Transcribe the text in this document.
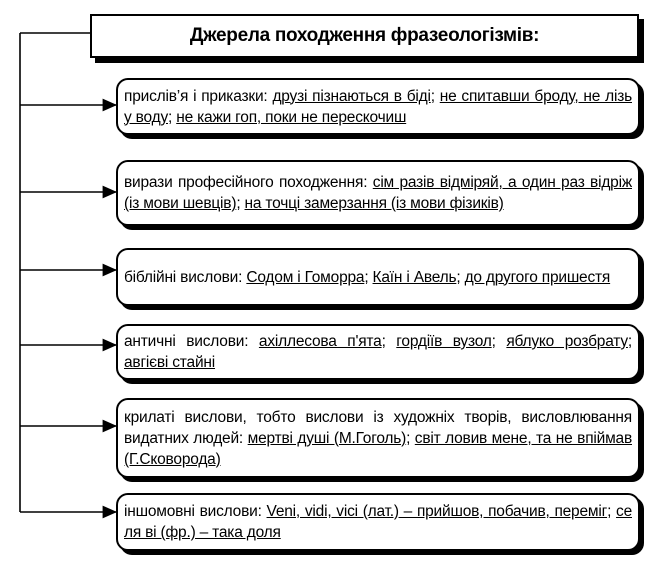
Джерела походження фразеологізмів:
прислів’я і приказки: друзі пізнаються в біді; не спитавши броду, не лізь у воду; не кажи гоп, поки не перескочиш
вирази професійного походження: сім разів відміряй, а один раз відріж (із мови шевців); на точці замерзання (із мови фізиків)
біблійні вислови: Содом і Гоморра; Каїн і Авель; до другого пришестя
античні вислови: ахіллесова п'ята; гордіїв вузол; яблуко розбрату; авгієві стайні
крилаті вислови, тобто вислови із художніх творів, висловлювання видатних людей: мертві душі (М.Гоголь); світ ловив мене, та не впіймав (Г.Сковорода)
іншомовні вислови: Veni, vidi, vici (лат.) – прийшов, побачив, переміг; се ля ві (фр.) – така доля
